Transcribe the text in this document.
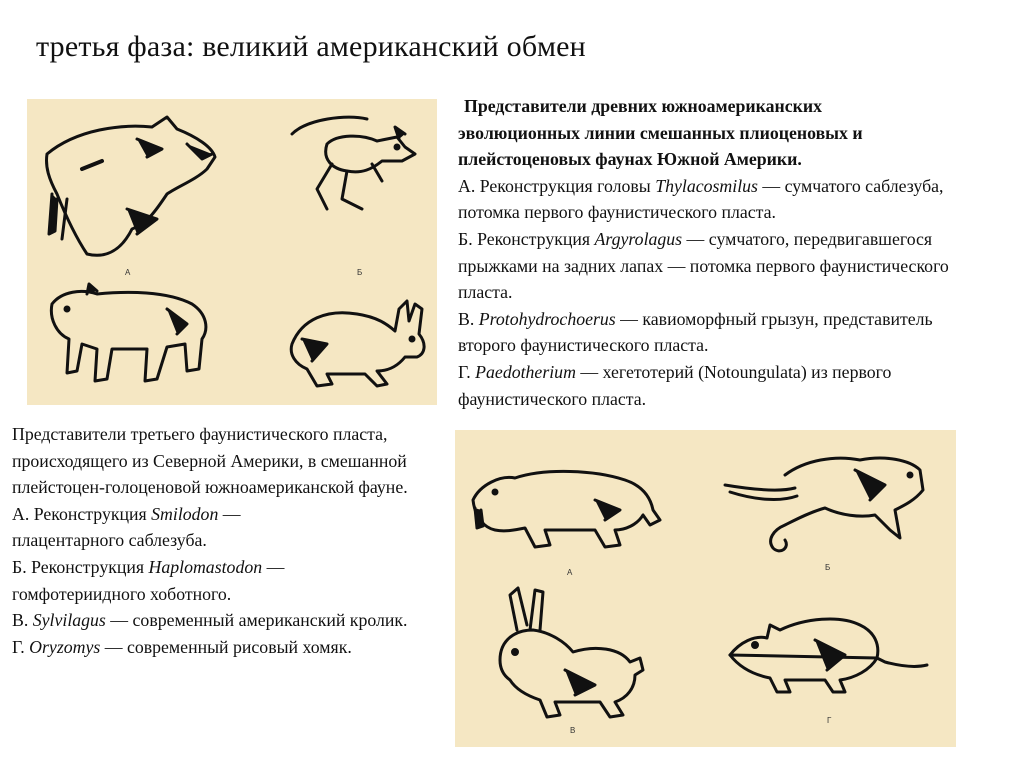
третья фаза: великий американский обмен
А	Б

Представители древних южноамериканских

эволюционных линии смешанных плиоценовых и

плейстоценовых фаунах Южной Америки.

А. Реконструкция головы Thylacosmilus — сумчатого саблезуба, потомка первого фаунистического пласта.

Б. Реконструкция Argyrolagus — сумчатого, передвигавшегося прыжками на задних лапах — потомка первого фаунистического пласта.

В. Protohydrochoerus — кавиоморфный грызун, представитель второго фаунистического пласта.

Г. Paedotherium — хегетотерий (Notoungulata) из первого фаунистического пласта.

Представители третьего фаунистического пласта, происходящего из Северной Америки, в смешанной плейстоцен-голоценовой южноамериканской фауне.

А. Реконструкция Smilodon — плацентарного саблезуба.

Б. Реконструкция Haplomastodon — гомфотериидного хоботного.

В. Sylvilagus — современный американский кролик.

Г. Oryzomys — современный рисовый хомяк.

А
Б
В
Г
